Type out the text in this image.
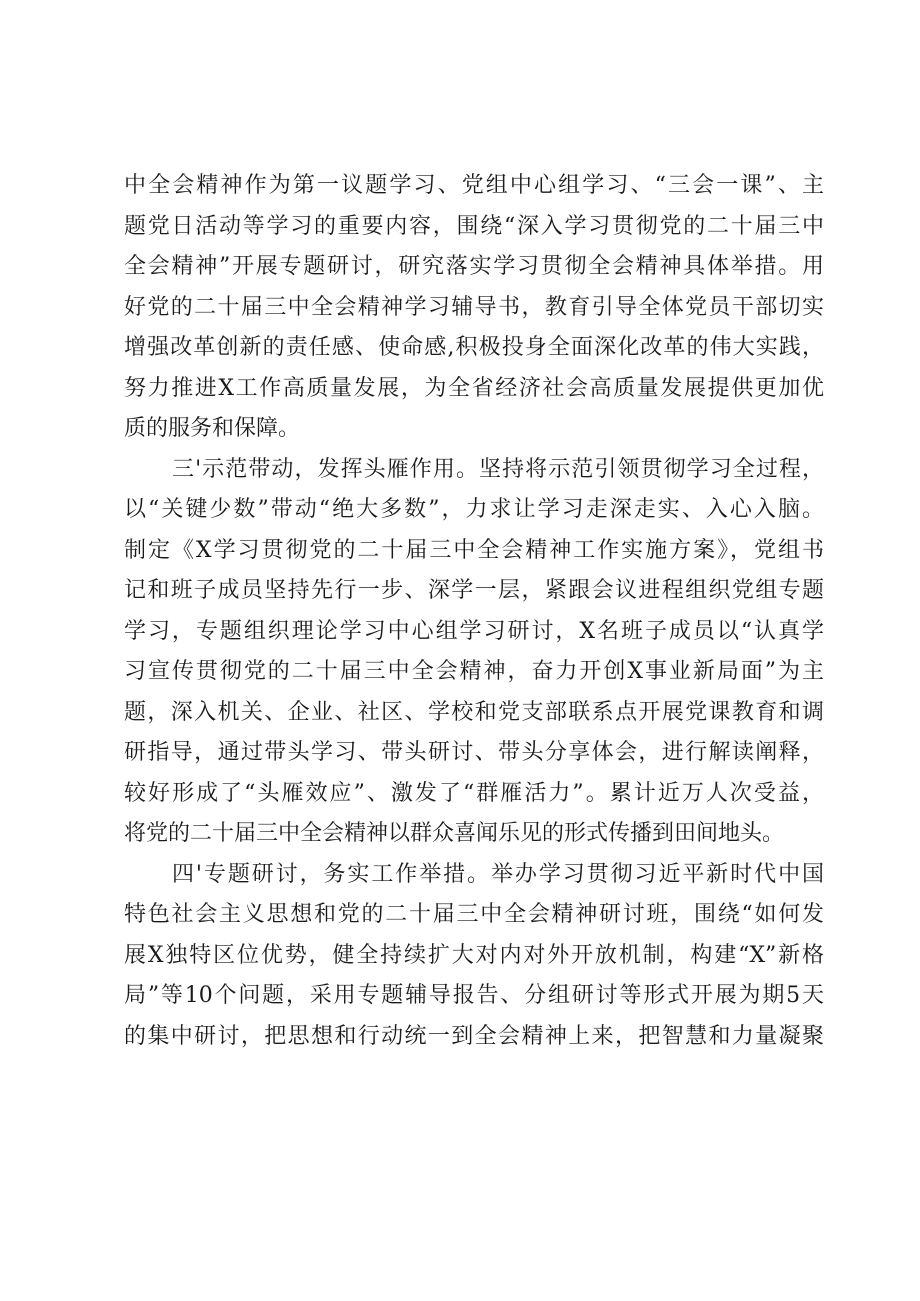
中全会精神作为第一议题学习、党组中心组学习、“三会一课”、主
题党日活动等学习的重要内容，围绕“深入学习贯彻党的二十届三中
全会精神”开展专题研讨，研究落实学习贯彻全会精神具体举措。用
好党的二十届三中全会精神学习辅导书，教育引导全体党员干部切实
增强改革创新的责任感、使命感,积极投身全面深化改革的伟大实践，
努力推进X工作高质量发展，为全省经济社会高质量发展提供更加优
质的服务和保障。
三'示范带动，发挥头雁作用。坚持将示范引领贯彻学习全过程，
以“关键少数”带动“绝大多数”，力求让学习走深走实、入心入脑。
制定《X学习贯彻党的二十届三中全会精神工作实施方案》，党组书
记和班子成员坚持先行一步、深学一层，紧跟会议进程组织党组专题
学习，专题组织理论学习中心组学习研讨，X名班子成员以“认真学
习宣传贯彻党的二十届三中全会精神，奋力开创X事业新局面”为主
题，深入机关、企业、社区、学校和党支部联系点开展党课教育和调
研指导，通过带头学习、带头研讨、带头分享体会，进行解读阐释，
较好形成了“头雁效应”、激发了“群雁活力”。累计近万人次受益，
将党的二十届三中全会精神以群众喜闻乐见的形式传播到田间地头。
四'专题研讨，务实工作举措。举办学习贯彻习近平新时代中国
特色社会主义思想和党的二十届三中全会精神研讨班，围绕“如何发
展X独特区位优势，健全持续扩大对内对外开放机制，构建“X”新格
局”等10个问题，采用专题辅导报告、分组研讨等形式开展为期5天
的集中研讨，把思想和行动统一到全会精神上来，把智慧和力量凝聚
